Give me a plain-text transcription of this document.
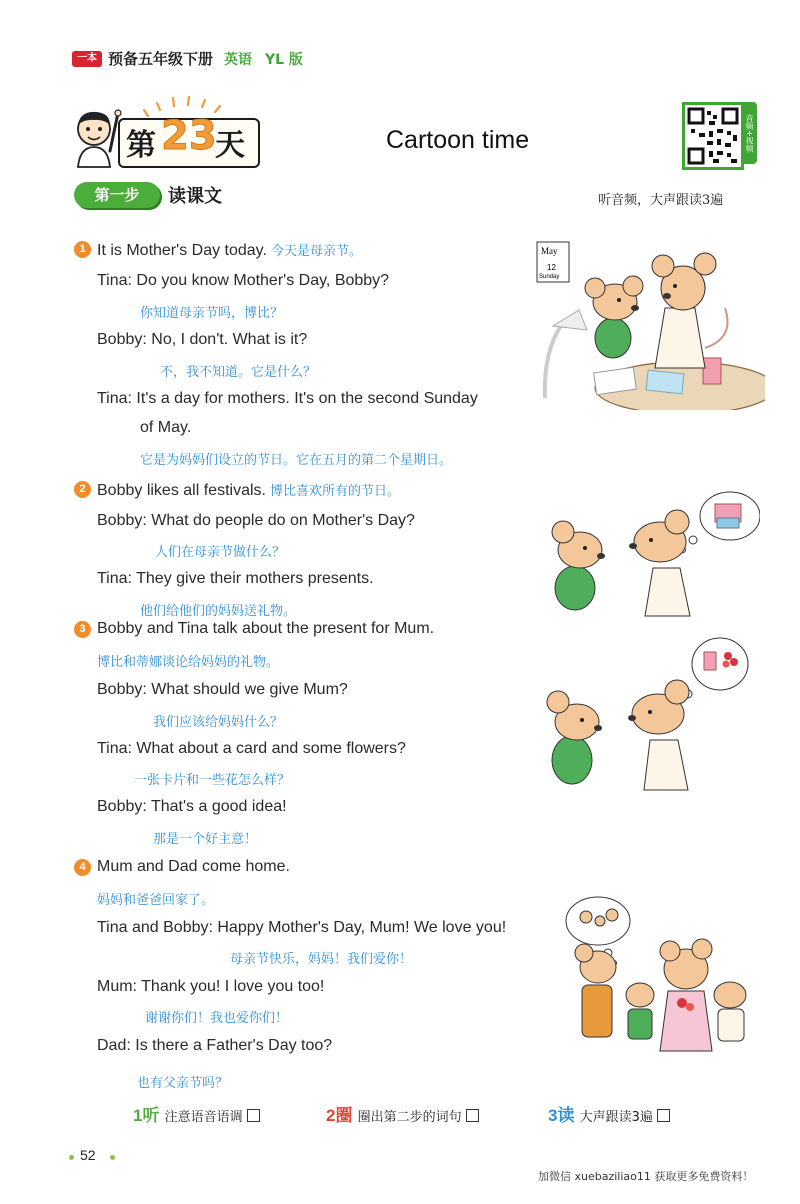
一本 预备五年级下册 英语 YL 版
第 23
天	Cartoon time	音频+视频
第一步	读课文	听音频，大声跟读3遍
1 It is Mother's Day today. 今天是母亲节。
Tina: Do you know Mother's Day, Bobby?
你知道母亲节吗，博比？
Bobby: No, I don't. What is it?
不，我不知道。它是什么？
Tina: It's a day for mothers. It's on the second Sunday
of May.
它是为妈妈们设立的节日。它在五月的第二个星期日。
May
12
Sunday
2 Bobby likes all festivals. 博比喜欢所有的节日。
Bobby: What do people do on Mother's Day?
人们在母亲节做什么？
Tina: They give their mothers presents.
他们给他们的妈妈送礼物。
3 Bobby and Tina talk about the present for Mum.
博比和蒂娜谈论给妈妈的礼物。
Bobby: What should we give Mum?
我们应该给妈妈什么？
Tina: What about a card and some flowers?
一张卡片和一些花怎么样？
Bobby: That's a good idea!
那是一个好主意！
4 Mum and Dad come home.
妈妈和爸爸回家了。
Tina and Bobby: Happy Mother's Day, Mum! We love you!
母亲节快乐，妈妈！我们爱你！
Mum: Thank you! I love you too!
谢谢你们！我也爱你们！
Dad: Is there a Father's Day too?
也有父亲节吗？
1听 注意语音语调	2圈 圈出第二步的词句	3读 大声跟读3遍
52
加微信 xuebaziliao11 获取更多免费资料！
